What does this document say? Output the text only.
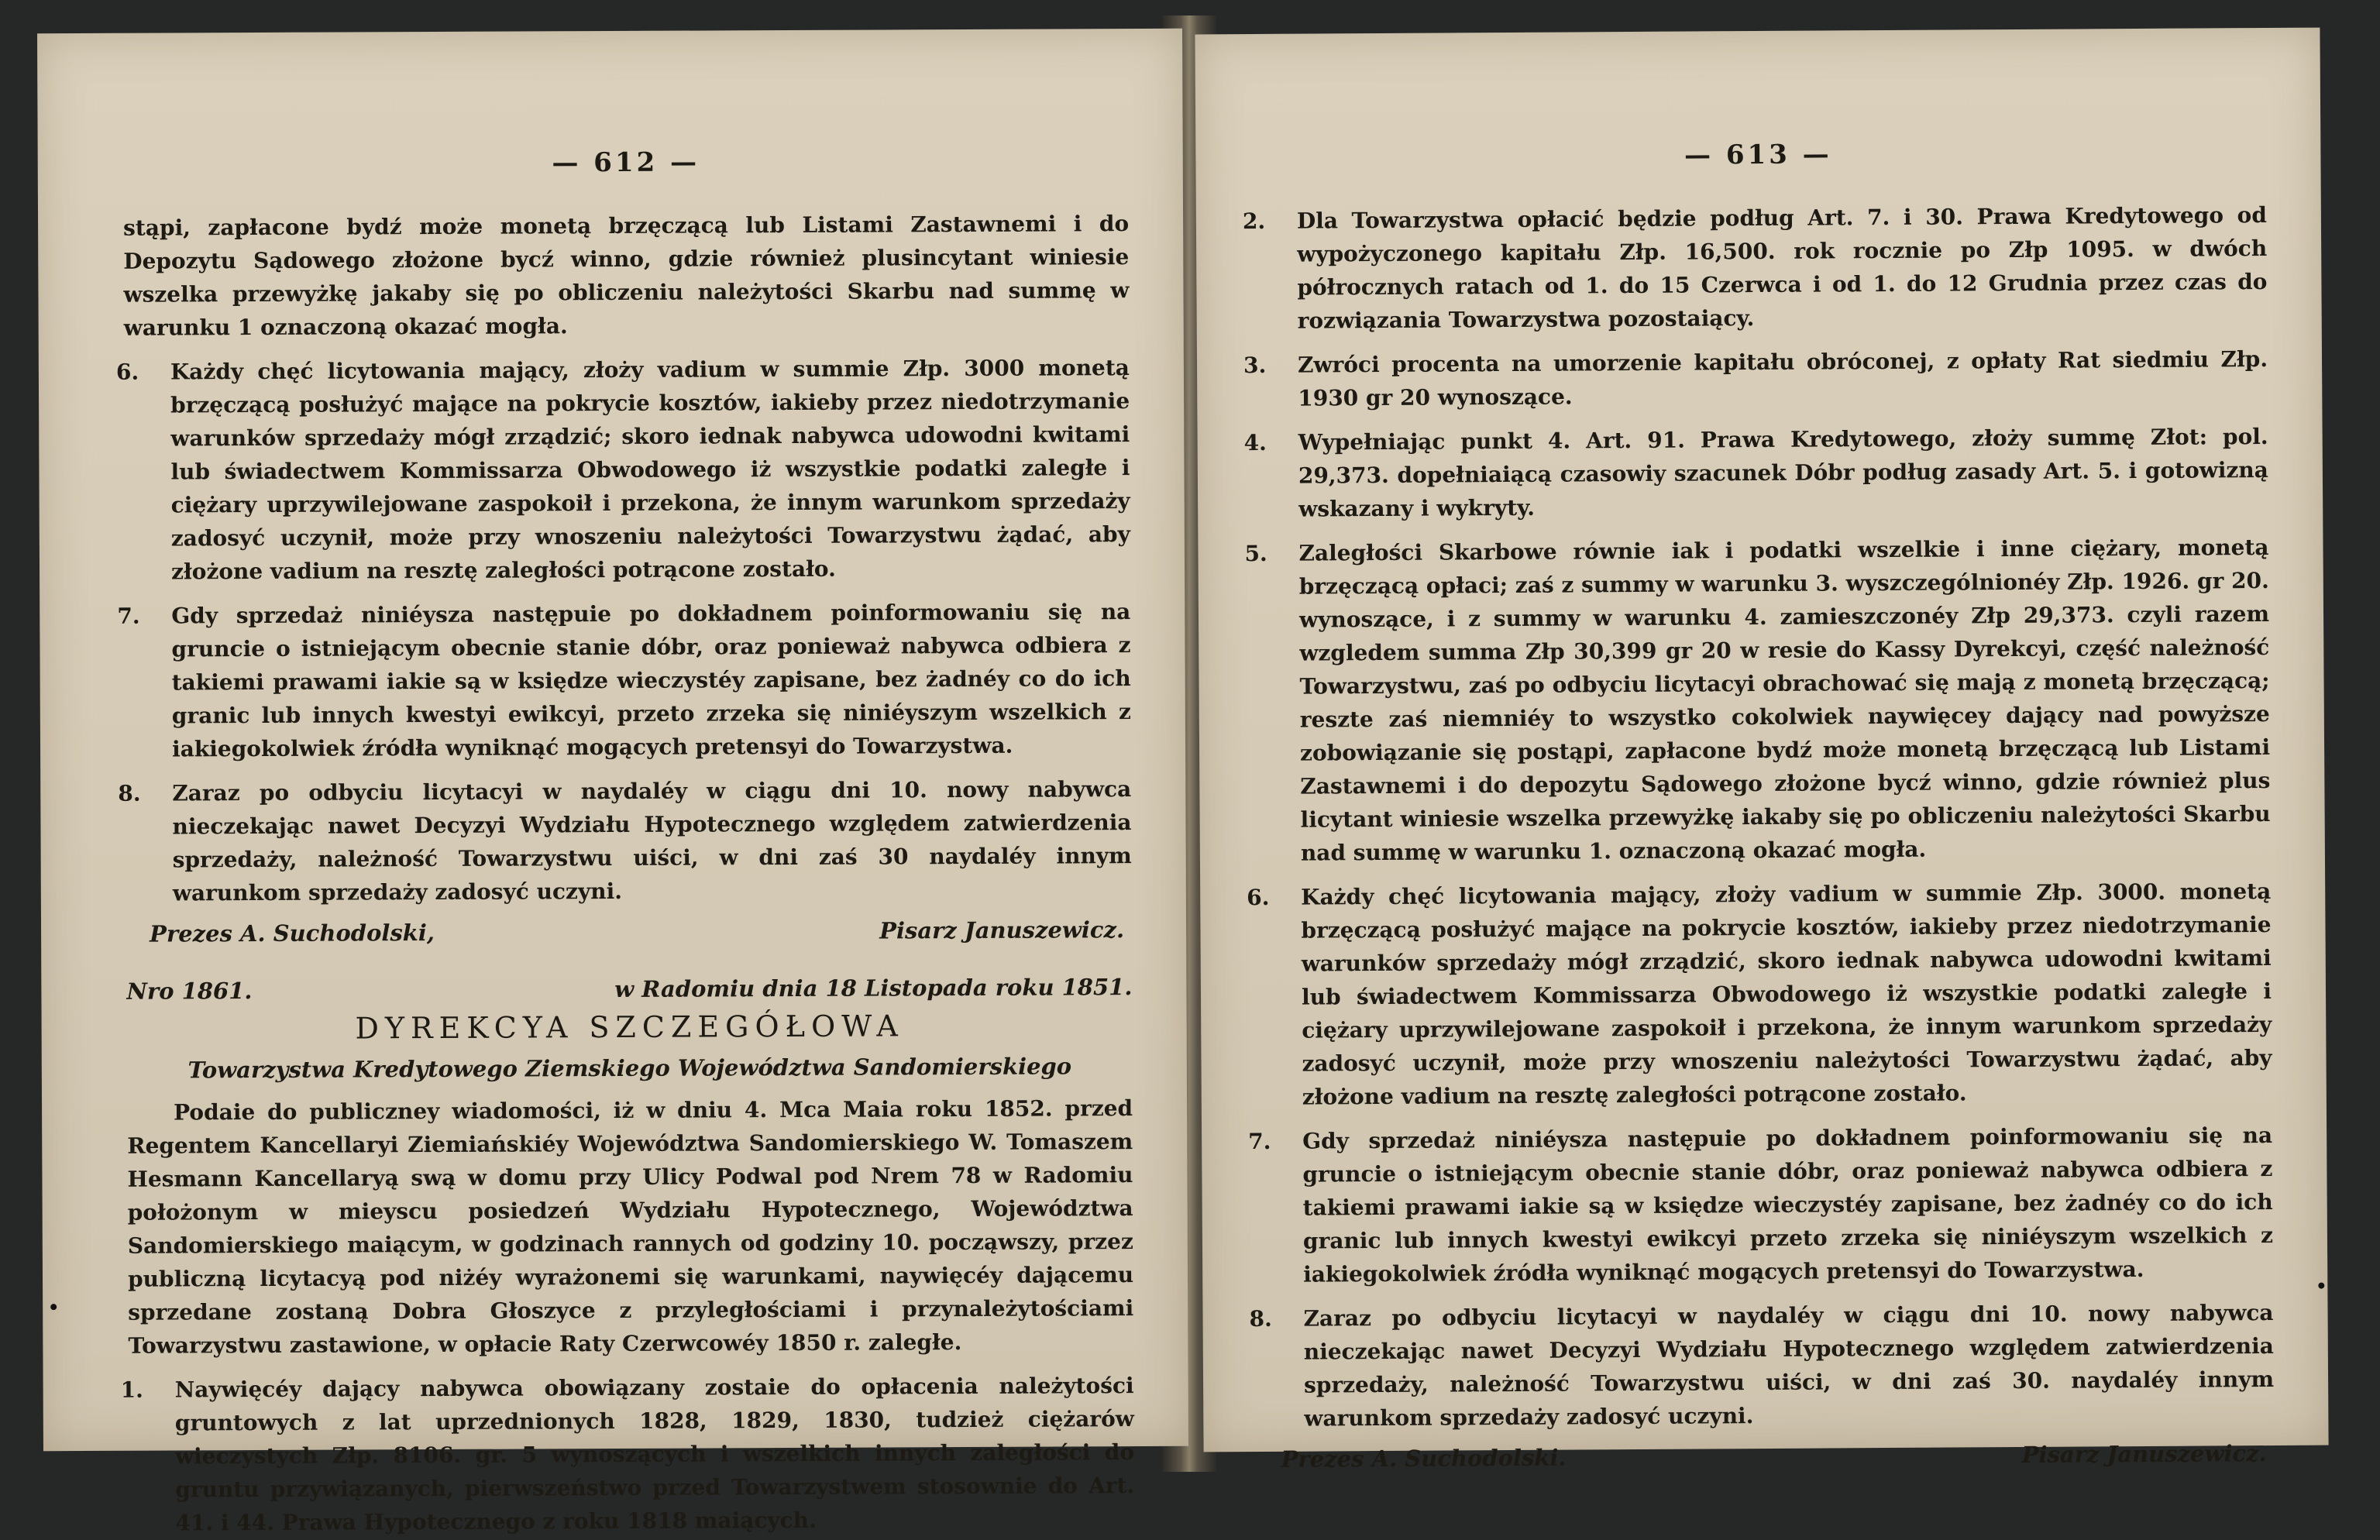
— 612 —

stąpi, zapłacone bydź może monetą brzęczącą lub Listami Zastawnemi i do Depozytu Sądowego złożone bycź winno, gdzie również plusincytant winiesie wszelka przewyżkę jakaby się po obliczeniu należytości Skarbu nad summę w warunku 1 oznaczoną okazać mogła.

6. Każdy chęć licytowania mający, złoży vadium w summie Złp. 3000 monetą brzęczącą posłużyć mające na pokrycie kosztów, iakieby przez niedotrzymanie warunków sprzedaży mógł zrządzić; skoro iednak nabywca udowodni kwitami lub świadectwem Kommissarza Obwodowego iż wszystkie podatki zaległe i ciężary uprzywilejowane zaspokoił i przekona, że innym warunkom sprzedaży zadosyć uczynił, może przy wnoszeniu należytości Towarzystwu żądać, aby złożone vadium na resztę zaległości potrącone zostało.
7. Gdy sprzedaż niniéysza następuie po dokładnem poinformowaniu się na gruncie o istniejącym obecnie stanie dóbr, oraz ponieważ nabywca odbiera z takiemi prawami iakie są w księdze wieczystéy zapisane, bez żadnéy co do ich granic lub innych kwestyi ewikcyi, przeto zrzeka się niniéyszym wszelkich z iakiegokolwiek źródła wyniknąć mogących pretensyi do Towarzystwa.
8. Zaraz po odbyciu licytacyi w naydaléy w ciągu dni 10. nowy nabywca nieczekając nawet Decyzyi Wydziału Hypotecznego względem zatwierdzenia sprzedaży, należność Towarzystwu uiści, w dni zaś 30 naydaléy innym warunkom sprzedaży zadosyć uczyni.
Prezes A. Suchodolski,	Pisarz Januszewicz.
Nro 1861.	w Radomiu dnia 18 Listopada roku 1851.
DYREKCYA SZCZEGÓŁOWA
Towarzystwa Kredytowego Ziemskiego Województwa Sandomierskiego

Podaie do publiczney wiadomości, iż w dniu 4. Mca Maia roku 1852. przed Regentem Kancellaryi Ziemiańskiéy Województwa Sandomierskiego W. Tomaszem Hesmann Kancellaryą swą w domu przy Ulicy Podwal pod Nrem 78 w Radomiu położonym w mieyscu posiedzeń Wydziału Hypotecznego, Województwa Sandomierskiego maiącym, w godzinach rannych od godziny 10. począwszy, przez publiczną licytacyą pod niżéy wyrażonemi się warunkami, naywięcéy dającemu sprzedane zostaną Dobra Głoszyce z przyległościami i przynależytościami Towarzystwu zastawione, w opłacie Raty Czerwcowéy 1850 r. zaległe.

1. Naywięcéy dający nabywca obowiązany zostaie do opłacenia należytości gruntowych z lat uprzednionych 1828, 1829, 1830, tudzież ciężarów wieczystych Złp. 8106. gr. 5 wynoszących i wszelkich innych zaległości do gruntu przywiązanych, pierwszeństwo przed Towarzystwem stosownie do Art. 41. i 44. Prawa Hypotecznego z roku 1818 maiących.
— 613 —
2. Dla Towarzystwa opłacić będzie podług Art. 7. i 30. Prawa Kredytowego od wypożyczonego kapitału Złp. 16,500. rok rocznie po Złp 1095. w dwóch półrocznych ratach od 1. do 15 Czerwca i od 1. do 12 Grudnia przez czas do rozwiązania Towarzystwa pozostaiący.
3. Zwróci procenta na umorzenie kapitału obróconej, z opłaty Rat siedmiu Złp. 1930 gr 20 wynoszące.
4. Wypełniając punkt 4. Art. 91. Prawa Kredytowego, złoży summę Złot: pol. 29,373. dopełniaiącą czasowiy szacunek Dóbr podług zasady Art. 5. i gotowizną wskazany i wykryty.
5. Zaległości Skarbowe równie iak i podatki wszelkie i inne ciężary, monetą brzęczącą opłaci; zaś z summy w warunku 3. wyszczególnionéy Złp. 1926. gr 20. wynoszące, i z summy w warunku 4. zamieszczonéy Złp 29,373. czyli razem wzgledem summa Złp 30,399 gr 20 w resie do Kassy Dyrekcyi, część należność Towarzystwu, zaś po odbyciu licytacyi obrachować się mają z monetą brzęczącą; reszte zaś niemniéy to wszystko cokolwiek naywięcey dający nad powyższe zobowiązanie się postąpi, zapłacone bydź może monetą brzęczącą lub Listami Zastawnemi i do depozytu Sądowego złożone bycź winno, gdzie również plus licytant winiesie wszelka przewyżkę iakaby się po obliczeniu należytości Skarbu nad summę w warunku 1. oznaczoną okazać mogła.
6. Każdy chęć licytowania mający, złoży vadium w summie Złp. 3000. monetą brzęczącą posłużyć mające na pokrycie kosztów, iakieby przez niedotrzymanie warunków sprzedaży mógł zrządzić, skoro iednak nabywca udowodni kwitami lub świadectwem Kommissarza Obwodowego iż wszystkie podatki zaległe i ciężary uprzywilejowane zaspokoił i przekona, że innym warunkom sprzedaży zadosyć uczynił, może przy wnoszeniu należytości Towarzystwu żądać, aby złożone vadium na resztę zaległości potrącone zostało.
7. Gdy sprzedaż niniéysza następuie po dokładnem poinformowaniu się na gruncie o istniejącym obecnie stanie dóbr, oraz ponieważ nabywca odbiera z takiemi prawami iakie są w księdze wieczystéy zapisane, bez żadnéy co do ich granic lub innych kwestyi ewikcyi przeto zrzeka się niniéyszym wszelkich z iakiegokolwiek źródła wyniknąć mogących pretensyi do Towarzystwa.
8. Zaraz po odbyciu licytacyi w naydaléy w ciągu dni 10. nowy nabywca nieczekając nawet Decyzyi Wydziału Hypotecznego względem zatwierdzenia sprzedaży, należność Towarzystwu uiści, w dni zaś 30. naydaléy innym warunkom sprzedaży zadosyć uczyni.
Prezes A. Suchodolski.	Pisarz Januszewicz.
